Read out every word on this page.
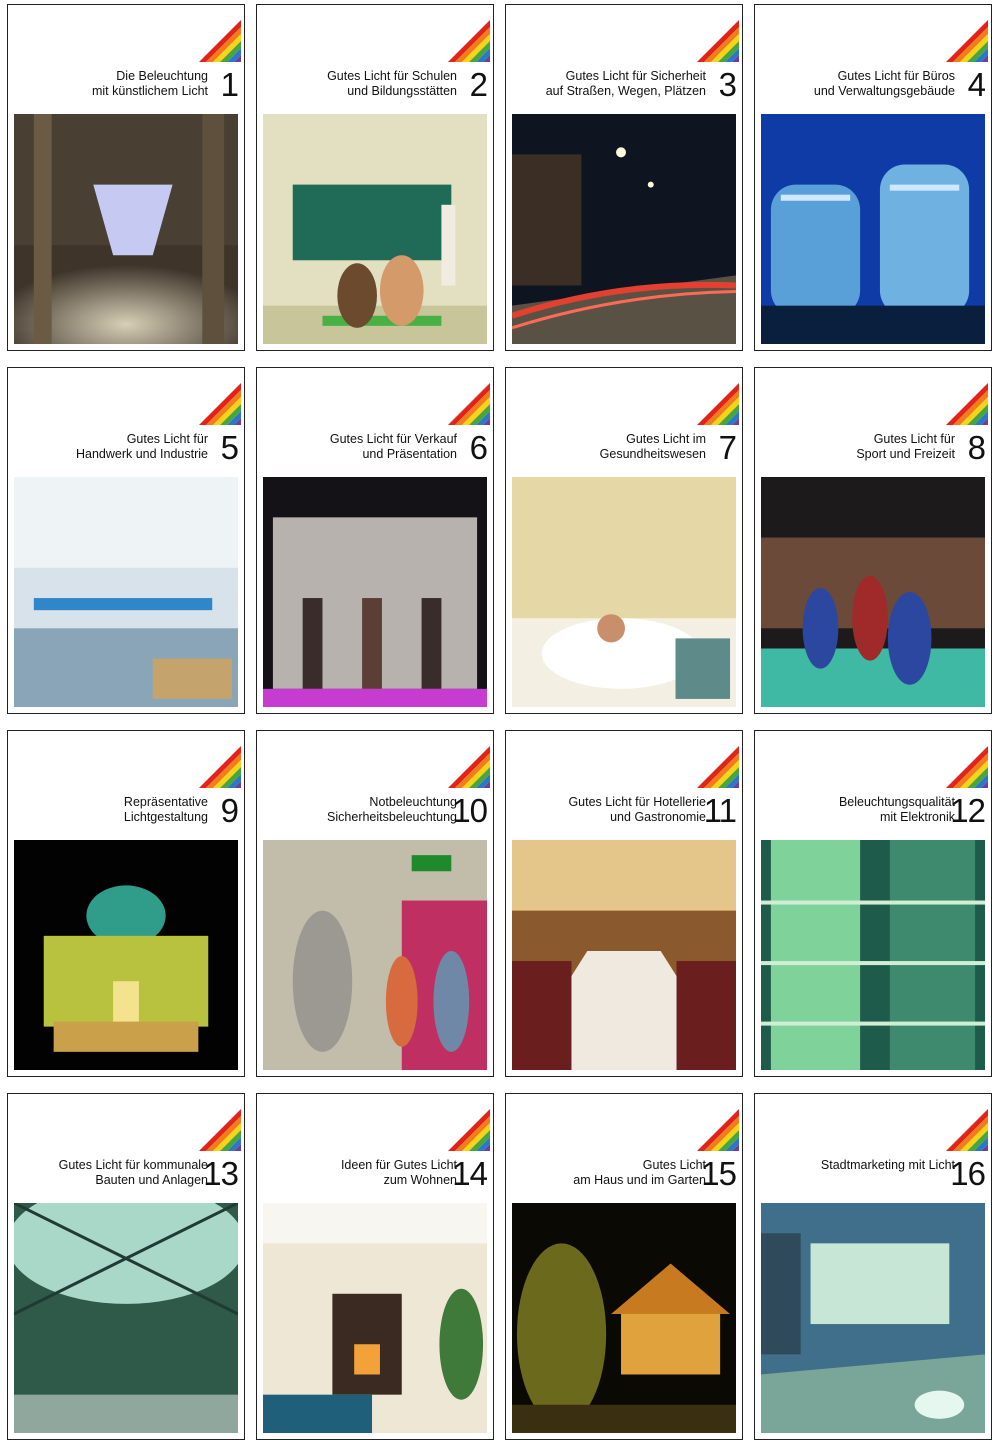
Die Beleuchtung
mit künstlichem Licht 1	Gutes Licht für Schulen
und Bildungsstätten 2	Gutes Licht für Sicherheit
auf Straßen, Wegen, Plätzen 3	Gutes Licht für Büros
und Verwaltungsgebäude 4
Gutes Licht für
Handwerk und Industrie 5	Gutes Licht für Verkauf
und Präsentation 6	Gutes Licht im
Gesundheitswesen 7	Gutes Licht für
Sport und Freizeit 8
Repräsentative
Lichtgestaltung 9	Notbeleuchtung
Sicherheitsbeleuchtung
10	Gutes Licht für Hotellerie
und Gastronomie
11	Beleuchtungsqualität
mit Elektronik
12
Gutes Licht für kommunale
Bauten und Anlagen
13	Ideen für Gutes Licht
zum Wohnen
14	Gutes Licht
am Haus und im Garten
15	Stadtmarketing mit Licht
16
